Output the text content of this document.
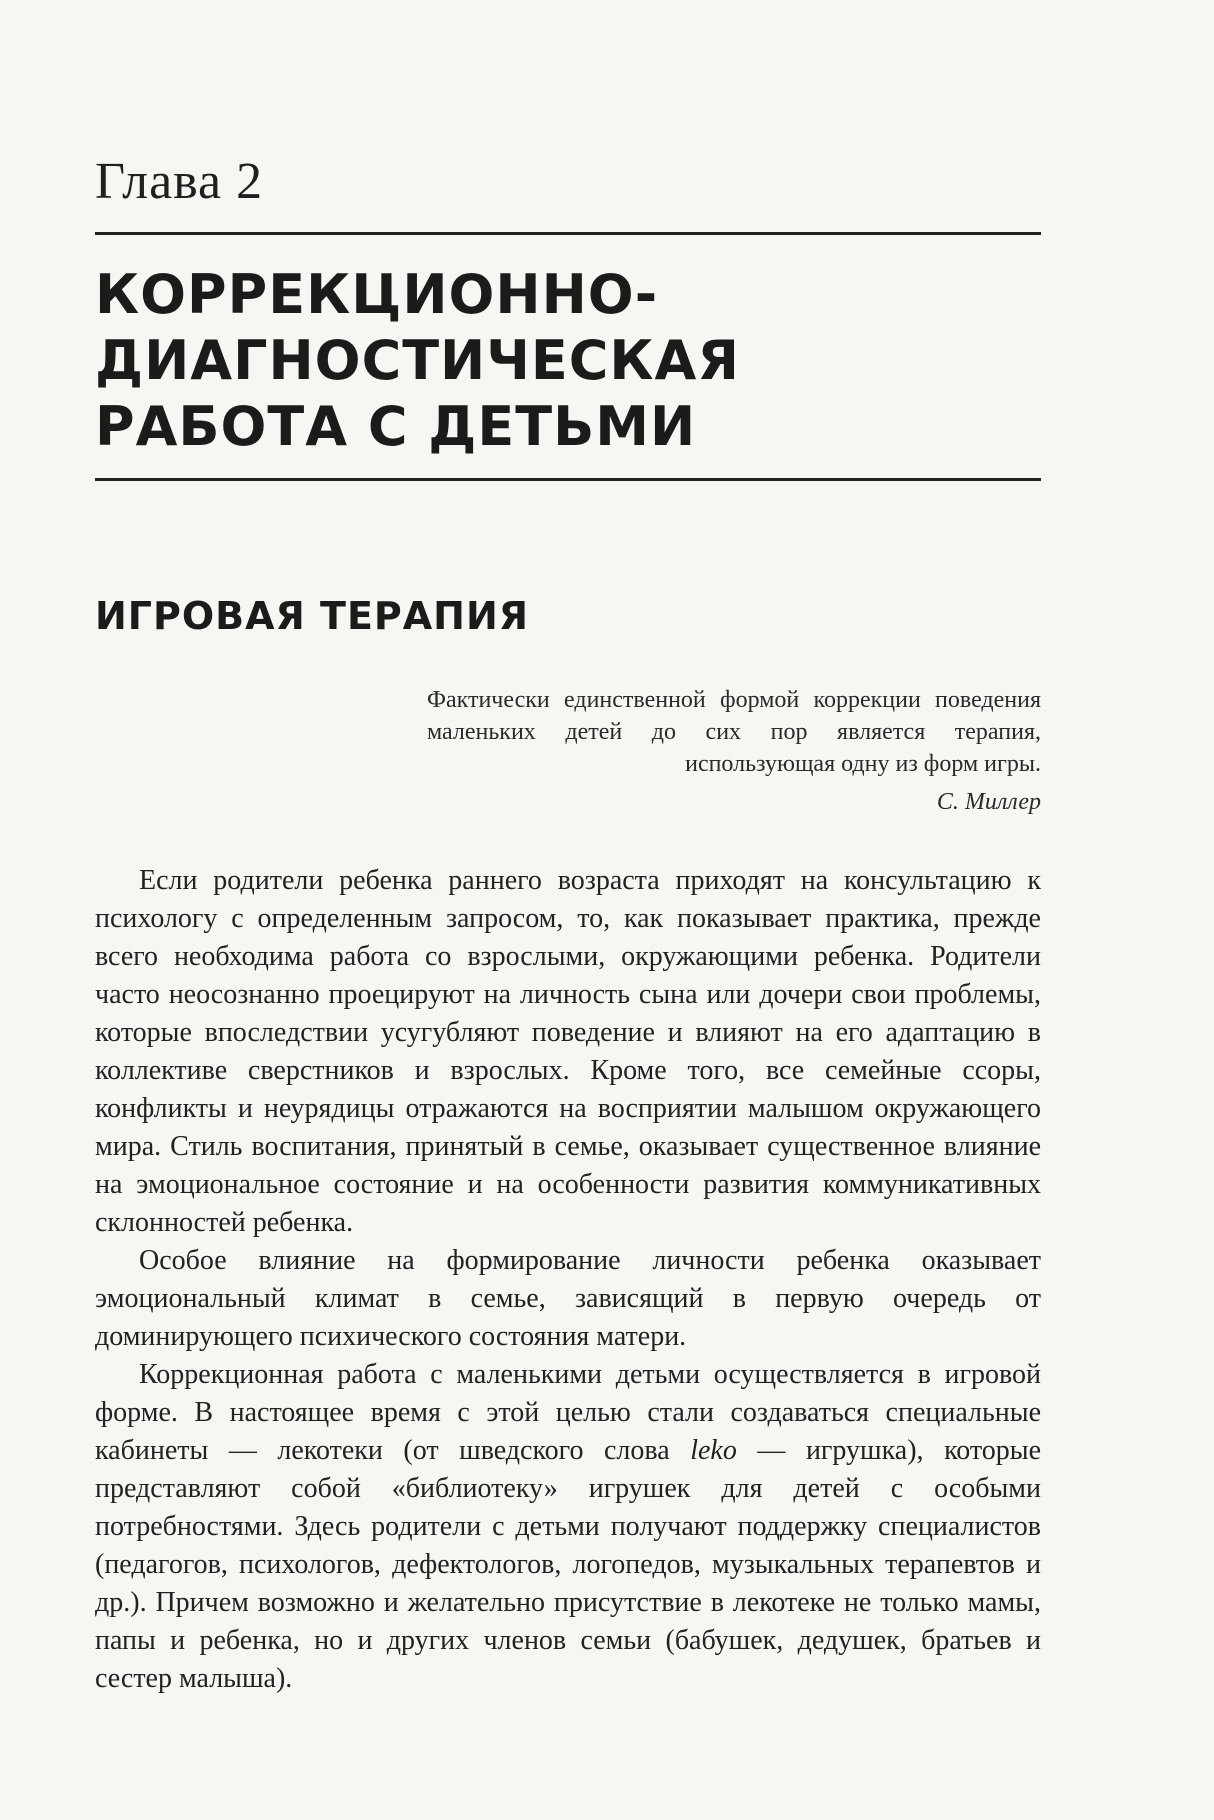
Глава 2
КОРРЕКЦИОННО-
ДИАГНОСТИЧЕСКАЯ
РАБОТА С ДЕТЬМИ
ИГРОВАЯ ТЕРАПИЯ

Фактически единственной формой коррекции поведения маленьких детей до сих пор является терапия, использующая одну из форм игры.

С. Миллер

Если родители ребенка раннего возраста приходят на консультацию к психологу с определенным запросом, то, как показывает практика, прежде всего необходима работа со взрослыми, окружающими ребенка. Родители часто неосознанно проецируют на личность сына или дочери свои проблемы, которые впоследствии усугубляют поведение и влияют на его адаптацию в коллективе сверстников и взрослых. Кроме того, все семейные ссоры, конфликты и неурядицы отражаются на восприятии малышом окружающего мира. Стиль воспитания, принятый в семье, оказывает существенное влияние на эмоциональное состояние и на особенности развития коммуникативных склонностей ребенка.

Особое влияние на формирование личности ребенка оказывает эмоциональный климат в семье, зависящий в первую очередь от доминирующего психического состояния матери.

Коррекционная работа с маленькими детьми осуществляется в игровой форме. В настоящее время с этой целью стали создаваться специальные кабинеты — лекотеки (от шведского слова leko — игрушка), которые представляют собой «библиотеку» игрушек для детей с особыми потребностями. Здесь родители с детьми получают поддержку специалистов (педагогов, психологов, дефектологов, логопедов, музыкальных терапевтов и др.). Причем возможно и желательно присутствие в лекотеке не только мамы, папы и ребенка, но и других членов семьи (бабушек, дедушек, братьев и сестер малыша).
